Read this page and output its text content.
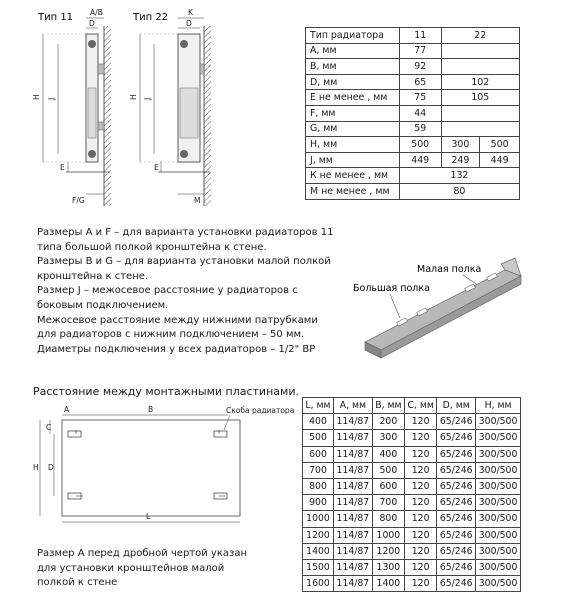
Тип 11	Тип 22
A/B
D
H J
E
F/G
K
D
H J
E
M
Тип радиатора	11	22	
A, мм	77		
B, мм	92		
D, мм	65	102	
E не менее , мм	75	105	
F, мм	44		
G, мм	59		
H, мм	500	300	500
J, мм	449	249	449
К не менее , мм	132		
М не менее , мм	80		
Размеры A и F – для варианта установки радиаторов 11 типа большой полкой кронштейна к стене.
Размеры B и G – для варианта установки малой полкой кронштейна к стене.
Размер J – межосевое расстояние у радиаторов с боковым подключением.
Межосевое расстояние между нижними патрубками для радиаторов с нижним подключением – 50 мм.
Диаметры подключения у всех радиаторов – 1/2" ВР
Малая полка
Большая полка
Расстояние между монтажными пластинами.
A	B	Скоба радиатора
C
D
H
L
Размер А перед дробной чертой указан для установки кронштейнов малой полкой к стене
L, мм	A, мм	B, мм	C, мм	D, мм	H, мм
400	114/87	200	120	65/246	300/500
500	114/87	300	120	65/246	300/500
600	114/87	400	120	65/246	300/500
700	114/87	500	120	65/246	300/500
800	114/87	600	120	65/246	300/500
900	114/87	700	120	65/246	300/500
1000	114/87	800	120	65/246	300/500
1200	114/87	1000	120	65/246	300/500
1400	114/87	1200	120	65/246	300/500
1500	114/87	1300	120	65/246	300/500
1600	114/87	1400	120	65/246	300/500
